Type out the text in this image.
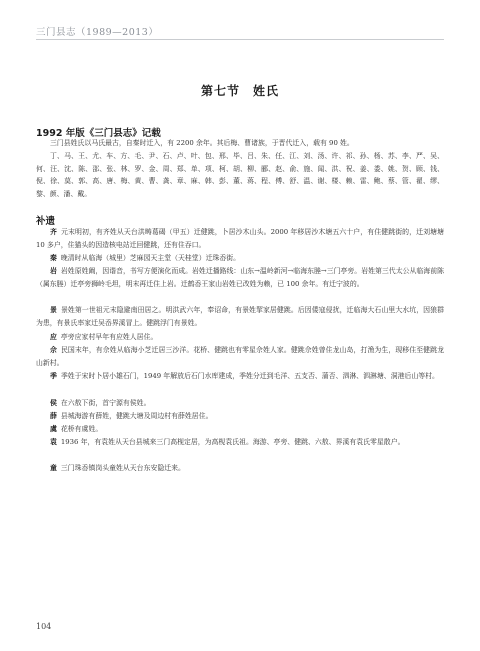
三门县志（1989—2013）
第七节　姓氏
1992 年版《三门县志》记载

三门县姓氏以马氏最古，自秦时迁入，有 2200 余年。其后梅、曹诸族，于晋代迁入，载有 90 姓。

丁、马、王、尤、车、方、毛、尹、石、卢、叶、包、邢、毕、吕、朱、任、江、刘、汤、许、祁、孙、杨、苏、李、严、吴、何、汪、沈、陈、邵、张、林、罗、金、周、郑、单、项、柯、胡、柳、郦、赵、俞、施、闻、洪、祝、姜、娄、姚、贺、顾、钱、倪、徐、莫、郭、高、唐、梅、黄、曹、龚、章、麻、韩、彭、董、蒋、程、傅、舒、温、谢、楼、赖、雷、鲍、蔡、管、翟、缪、黎、颜、潘、戴。

补遗

齐 元末明初，有齐姓从天台洪畴葛碣（甲五）迁健跳，卜居沙木山头。2000 年移居沙木塘五六十户，有住健跳街的，迁刘塘塘 10 多户，住猫头的因造核电站迁回健跳，还有住吞口。

秦 晚清时从临海（城里）芝麻园天主堂（天桂堂）迁珠岙街。

岩 岩姓原姓阚，因谐音，书写方便演化而成。岩姓迁播路线：山东→温岭新河→临海东塍→三门亭旁。岩姓第三代太公从临海前陈（属东塍）迁亭旁狮岭毛坦，明末再迁住上岩。迁鹤岙王家山岩姓已改姓为赖，已 100 余年。有迁宁波的。

景 景姓第一世祖元末隐避南田居之。明洪武六年，奉诏命，有景姓挈家居健跳。后因倭寇侵扰，迁临海大石山里大水坑，因狼群为患，有景氏率家迁吴岙界溪冒上。健跳浮门有景姓。

应 亭旁应家村早年有应姓人居住。

佘 民国末年，有佘姓从临海小芝迁居三沙洋。花桥、健跳也有零星佘姓人家。健跳佘姓曾住龙山岛，打渔为生，现移住至健跳龙山新村。

季 季姓于宋时卜居小雄石门，1949 年解放后石门水库建成，季姓分迁到毛洋、五支否、蒲否、泗淋、泗淋塘、洞港后山等村。

侯 在六敖下街，首宁源有侯姓。

薛 县城海游有薛姓，健跳大塘及周边村有薛姓居住。

虞 花桥有虞姓。

袁 1936 年，有袁姓从天台县城来三门高枧定居，为高枧袁氏祖。海游、亭旁、健跳、六敖、界溪有袁氏零星散户。

童 三门珠岙镇岗头童姓从天台东安隐迁来。

104
